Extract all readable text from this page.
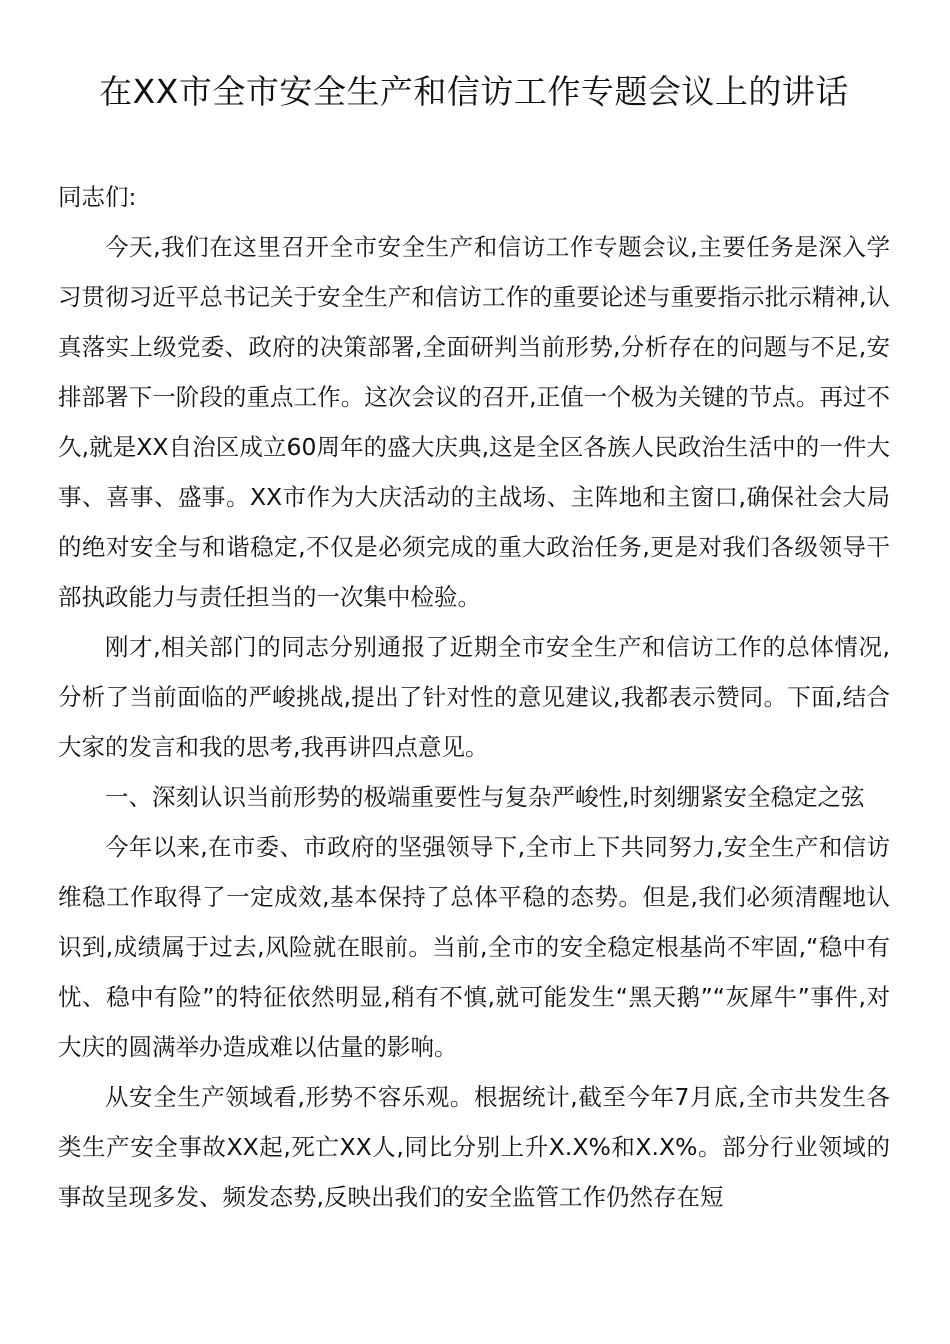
在XX市全市安全生产和信访工作专题会议上的讲话

同志们:

今天,我们在这里召开全市安全生产和信访工作专题会议,主要任务是深入学习贯彻习近平总书记关于安全生产和信访工作的重要论述与重要指示批示精神,认真落实上级党委、政府的决策部署,全面研判当前形势,分析存在的问题与不足,安排部署下一阶段的重点工作。这次会议的召开,正值一个极为关键的节点。再过不久,就是XX自治区成立60周年的盛大庆典,这是全区各族人民政治生活中的一件大事、喜事、盛事。XX市作为大庆活动的主战场、主阵地和主窗口,确保社会大局的绝对安全与和谐稳定,不仅是必须完成的重大政治任务,更是对我们各级领导干部执政能力与责任担当的一次集中检验。

刚才,相关部门的同志分别通报了近期全市安全生产和信访工作的总体情况,分析了当前面临的严峻挑战,提出了针对性的意见建议,我都表示赞同。下面,结合大家的发言和我的思考,我再讲四点意见。

一、深刻认识当前形势的极端重要性与复杂严峻性,时刻绷紧安全稳定之弦

今年以来,在市委、市政府的坚强领导下,全市上下共同努力,安全生产和信访维稳工作取得了一定成效,基本保持了总体平稳的态势。但是,我们必须清醒地认识到,成绩属于过去,风险就在眼前。当前,全市的安全稳定根基尚不牢固,“稳中有忧、稳中有险”的特征依然明显,稍有不慎,就可能发生“黑天鹅”“灰犀牛”事件,对大庆的圆满举办造成难以估量的影响。

从安全生产领域看,形势不容乐观。根据统计,截至今年7月底,全市共发生各类生产安全事故XX起,死亡XX人,同比分别上升X.X%和X.X%。部分行业领域的事故呈现多发、频发态势,反映出我们的安全监管工作仍然存在短
